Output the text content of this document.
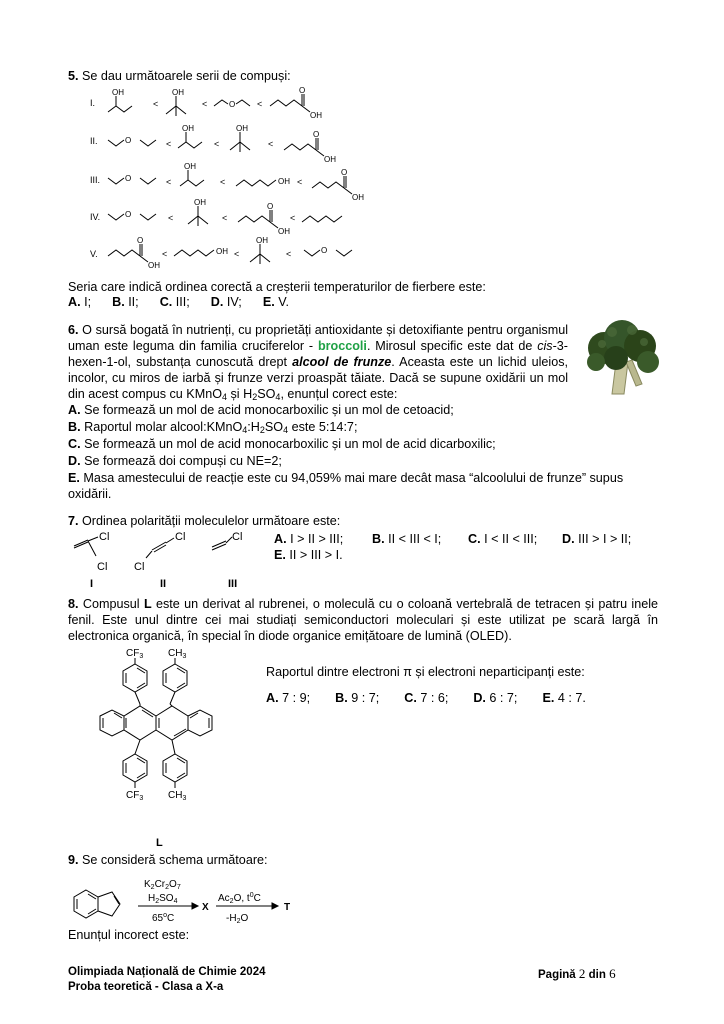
5. Se dau următoarele serii de compuși:
I.
II.
III.
IV.
V.
OH	OH
O
O
OH
O
OH	OH
O
OH
O
OH
OH
O
OH
O
OH	O
OH
O
OH
OH
OH
O
<	<	<
<	<	<
<	<	<
<	<	<
<	<	<
Seria care indică ordinea corectă a creșterii temperaturilor de fierbere este:
A. I; B. II; C. III; D. IV; E. V.
6. O sursă bogată în nutrienți, cu proprietăți antioxidante și detoxifiante pentru organismul uman este leguma din familia cruciferelor - broccoli. Mirosul specific este dat de cis-3-hexen-1-ol, substanța cunoscută drept alcool de frunze. Aceasta este un lichid uleios, incolor, cu miros de iarbă și frunze verzi proaspăt tăiate. Dacă se supune oxidării un mol din acest compus cu KMnO$_4$ și $H_2SO_4$, enunțul corect este:
A. Se formează un mol de acid monocarboxilic și un mol de cetoacid;
B. Raportul molar $alcool:KMnO_4:H_2SO_4$ este 5:14:7;
C. Se formează un mol de acid monocarboxilic și un mol de acid dicarboxilic;
D. Se formează doi compuși cu NE=2;
E. Masa amestecului de reacție este cu 94,059% mai mare decât masa “alcoolului de frunze” supus oxidării.
7. Ordinea polarității moleculelor următoare este:
Cl
Cl
Cl
Cl
Cl
I	II	III
A. I > II > III; B. II < III < I; C. I < II < III; D. III > I > II;
E. II > III > I.
8. Compusul L este un derivat al rubrenei, o moleculă cu o coloană vertebrală de tetracen și patru inele fenil. Este unul dintre cei mai studiați semiconductori moleculari și este utilizat pe scară largă în electronica organică, în special în diode organice emițătoare de lumină (OLED).
$CF_3$ $CH_3$
$CF_3$ $CH_3$
L
Raportul dintre electroni π și electroni neparticipanți este:
A. 7 : 9; B. 9 : 7; C. 7 : 6; D. 6 : 7; E. 4 : 7.
9. Se consideră schema următoare:
$K_2Cr_2O_7$
$H_2SO_4$
65$^o$C
X
$Ac_2O$, $t^0C$
$-H_2O$
T
Enunțul incorect este:
Olimpiada Națională de Chimie 2024
Proba teoretică - Clasa a X-a
Pagină 2 din 6
